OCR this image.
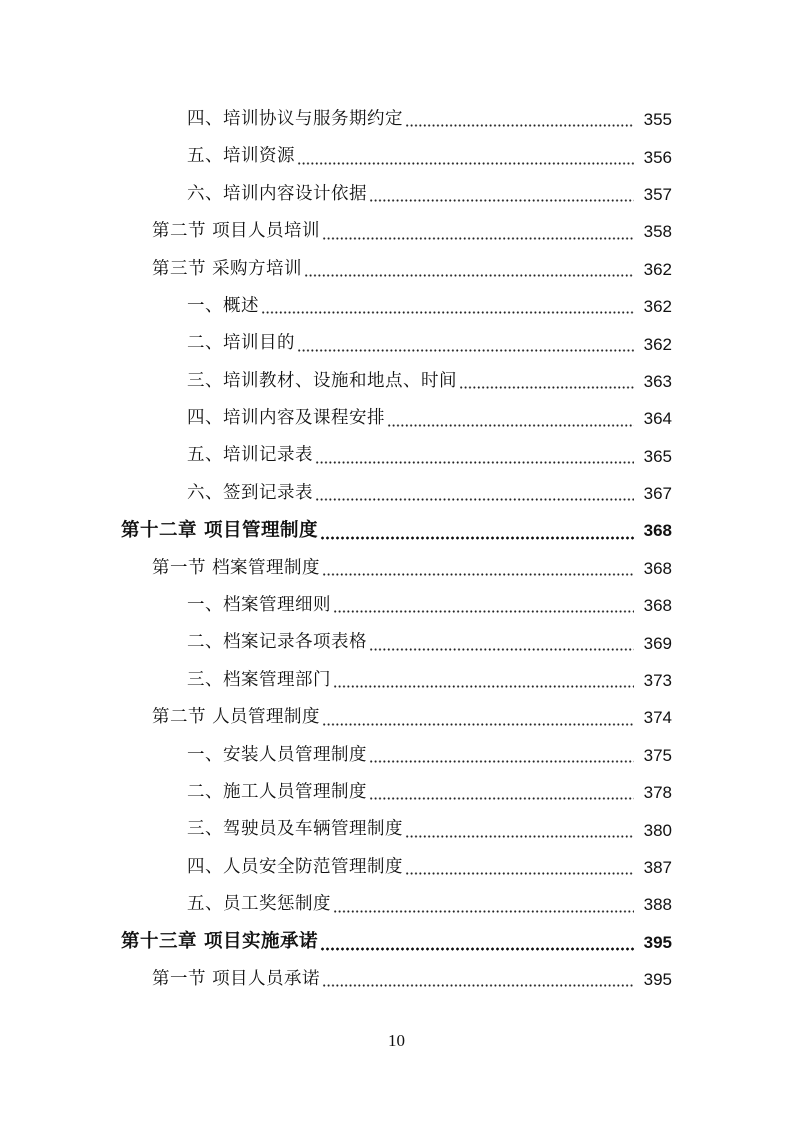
四、培训协议与服务期约定	355
五、培训资源	356
六、培训内容设计依据	357
第二节 项目人员培训	358
第三节 采购方培训	362
一、概述	362
二、培训目的	362
三、培训教材、设施和地点、时间	363
四、培训内容及课程安排	364
五、培训记录表	365
六、签到记录表	367
第十二章 项目管理制度	368
第一节 档案管理制度	368
一、档案管理细则	368
二、档案记录各项表格	369
三、档案管理部门	373
第二节 人员管理制度	374
一、安装人员管理制度	375
二、施工人员管理制度	378
三、驾驶员及车辆管理制度	380
四、人员安全防范管理制度	387
五、员工奖惩制度	388
第十三章 项目实施承诺	395
第一节 项目人员承诺	395
10
